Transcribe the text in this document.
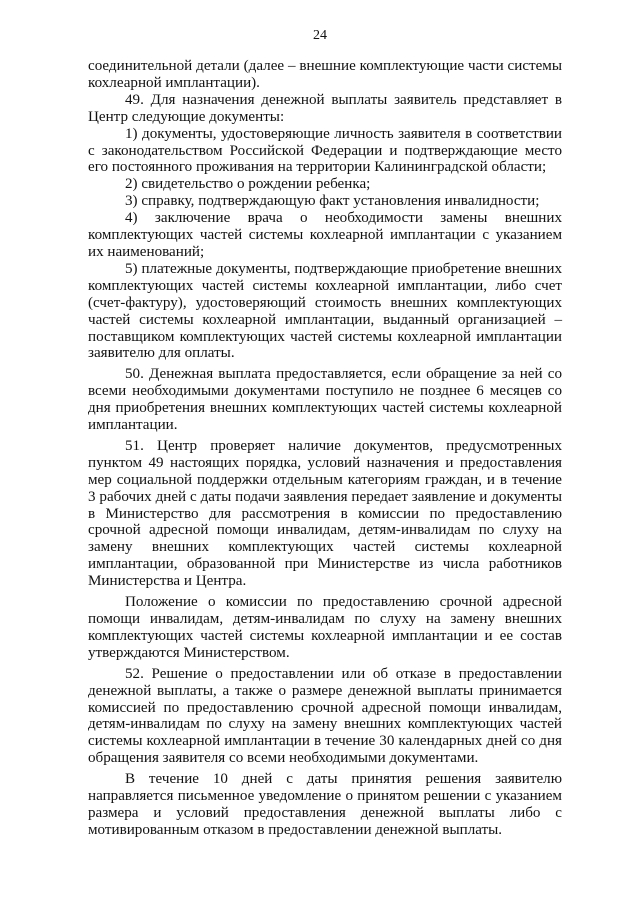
24

соединительной детали (далее – внешние комплектующие части системы кохлеарной имплантации).

49. Для назначения денежной выплаты заявитель представляет в Центр следующие документы:

1) документы, удостоверяющие личность заявителя в соответствии с законодательством Российской Федерации и подтверждающие место его постоянного проживания на территории Калининградской области;

2) свидетельство о рождении ребенка;

3) справку, подтверждающую факт установления инвалидности;

4) заключение врача о необходимости замены внешних комплектующих частей системы кохлеарной имплантации с указанием их наименований;

5) платежные документы, подтверждающие приобретение внешних комплектующих частей системы кохлеарной имплантации, либо счет (счет-фактуру), удостоверяющий стоимость внешних комплектующих частей системы кохлеарной имплантации, выданный организацией – поставщиком комплектующих частей системы кохлеарной имплантации заявителю для оплаты.

50. Денежная выплата предоставляется, если обращение за ней со всеми необходимыми документами поступило не позднее 6 месяцев со дня приобретения внешних комплектующих частей системы кохлеарной имплантации.

51. Центр проверяет наличие документов, предусмотренных пунктом 49 настоящих порядка, условий назначения и предоставления мер социальной поддержки отдельным категориям граждан, и в течение 3 рабочих дней с даты подачи заявления передает заявление и документы в Министерство для рассмотрения в комиссии по предоставлению срочной адресной помощи инвалидам, детям-инвалидам по слуху на замену внешних комплектующих частей системы кохлеарной имплантации, образованной при Министерстве из числа работников Министерства и Центра.

Положение о комиссии по предоставлению срочной адресной помощи инвалидам, детям-инвалидам по слуху на замену внешних комплектующих частей системы кохлеарной имплантации и ее состав утверждаются Министерством.

52. Решение о предоставлении или об отказе в предоставлении денежной выплаты, а также о размере денежной выплаты принимается комиссией по предоставлению срочной адресной помощи инвалидам, детям-инвалидам по слуху на замену внешних комплектующих частей системы кохлеарной имплантации в течение 30 календарных дней со дня обращения заявителя со всеми необходимыми документами.

В течение 10 дней с даты принятия решения заявителю направляется письменное уведомление о принятом решении с указанием размера и условий предоставления денежной выплаты либо с мотивированным отказом в предоставлении денежной выплаты.
